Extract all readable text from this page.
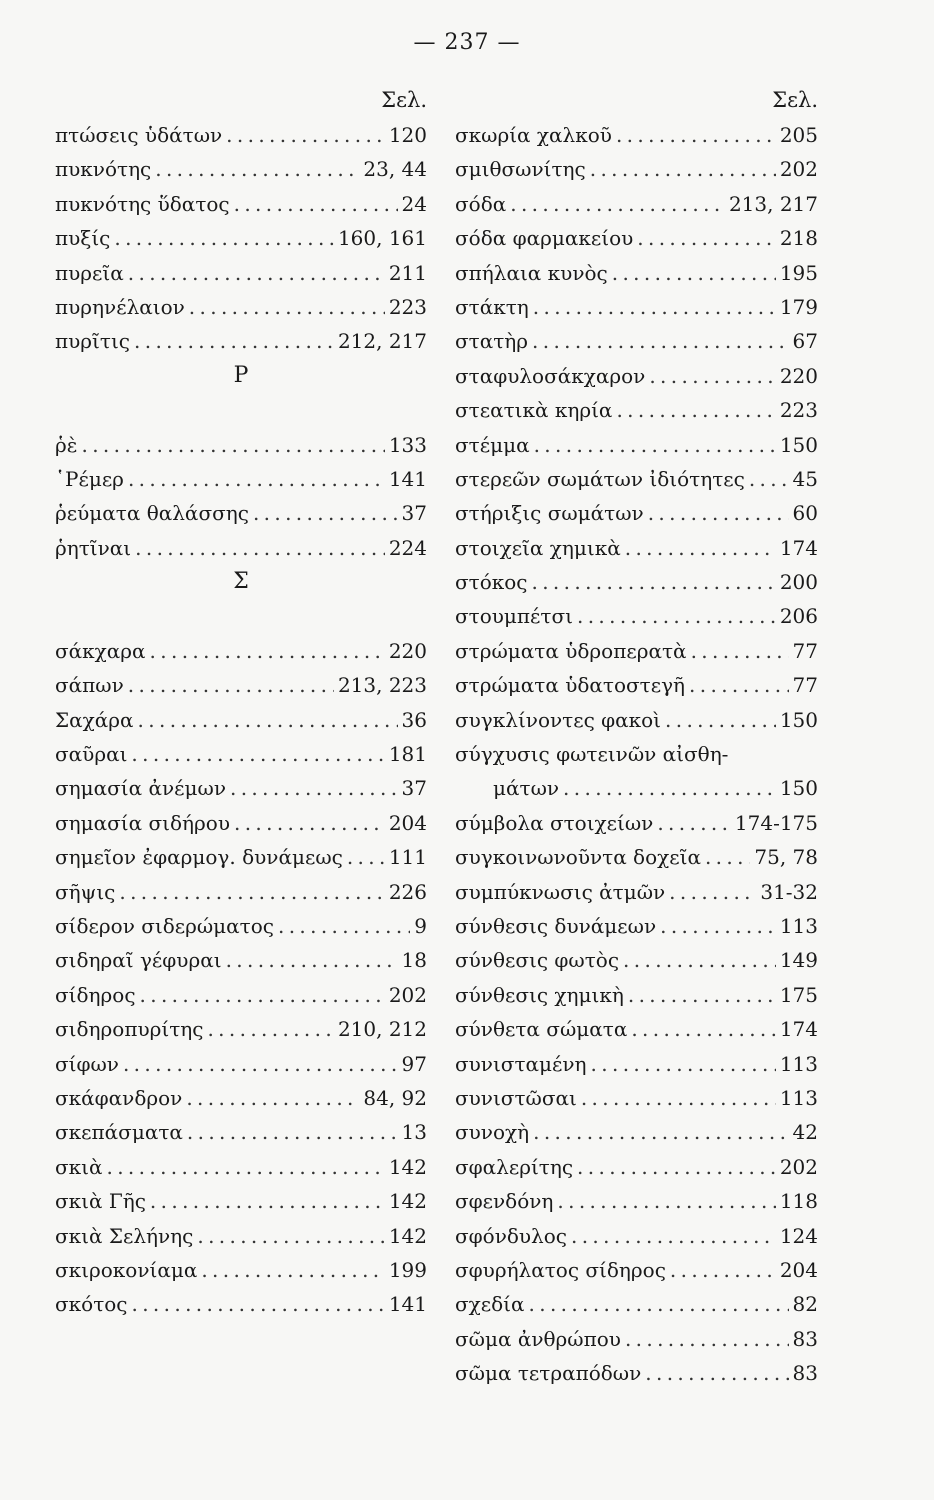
— 237 —
Σελ.
πτώσεις ὑδάτων . . .	120
πυκνότης . . .	23, 44
πυκνότης ὕδατος . . .	24
πυξίς . . .	160, 161
πυρεῖα . . .	211
πυρηνέλαιον . . .	223
πυρῖτις . . .	212, 217
Ρ
ῥὲ . . .	133
῾Ρέμερ . . .	141
ῥεύματα θαλάσσης . . .	37
ῥητῖναι . . .	224
Σ
σάκχαρα . . .	220
σάπων . . .	213, 223
Σαχάρα . . .	36
σαῦραι . . .	181
σημασία ἀνέμων . . .	37
σημασία σιδήρου . . .	204
σημεῖον ἐφαρμογ. δυνάμεως . . . 111
σῆψις . . .	226
σίδερον σιδερώματος . . .	9
σιδηραῖ γέφυραι . . .	18
σίδηρος . . .	202
σιδηροπυρίτης . . .	210, 212
σίφων . . .	97
σκάφανδρον . . .	84, 92
σκεπάσματα . . .	13
σκιὰ . . .	142
σκιὰ Γῆς . . .	142
σκιὰ Σελήνης . . .	142
σκιροκονίαμα . . .	199
σκότος . . .	141
Σελ.
σκωρία χαλκοῦ . . .	205
σμιθσωνίτης . . .	202
σόδα . . .	213, 217
σόδα φαρμακείου . . .	218
σπήλαια κυνὸς . . .	195
στάκτη . . .	179
στατὴρ . . .	67
σταφυλοσάκχαρον . . .	220
στεατικὰ κηρία . . .	223
στέμμα . . .	150
στερεῶν σωμάτων ἰδιότητες . . . 45
στήριξις σωμάτων . . .	60
στοιχεῖα χημικὰ . . .	174
στόκος . . .	200
στουμπέτσι . . .	206
στρώματα ὑδροπερατὰ . . .	77
στρώματα ὑδατοστεγῆ . . .	77
συγκλίνοντες φακοὶ . . .	150
σύγχυσις φωτεινῶν αἰσθη-
μάτων . . .	150
σύμβολα στοιχείων . . .	174-175
συγκοινωνοῦντα δοχεῖα . . .	75, 78
συμπύκνωσις ἀτμῶν . . .	31-32
σύνθεσις δυνάμεων . . .	113
σύνθεσις φωτὸς . . .	149
σύνθεσις χημικὴ . . .	175
σύνθετα σώματα . . .	174
συνισταμένη . . .	113
συνιστῶσαι . . .	113
συνοχὴ . . .	42
σφαλερίτης . . .	202
σφενδόνη . . .	118
σφόνδυλος . . .	124
σφυρήλατος σίδηρος . . .	204
σχεδία . . .	82
σῶμα ἀνθρώπου . . .	83
σῶμα τετραπόδων . . .	83
